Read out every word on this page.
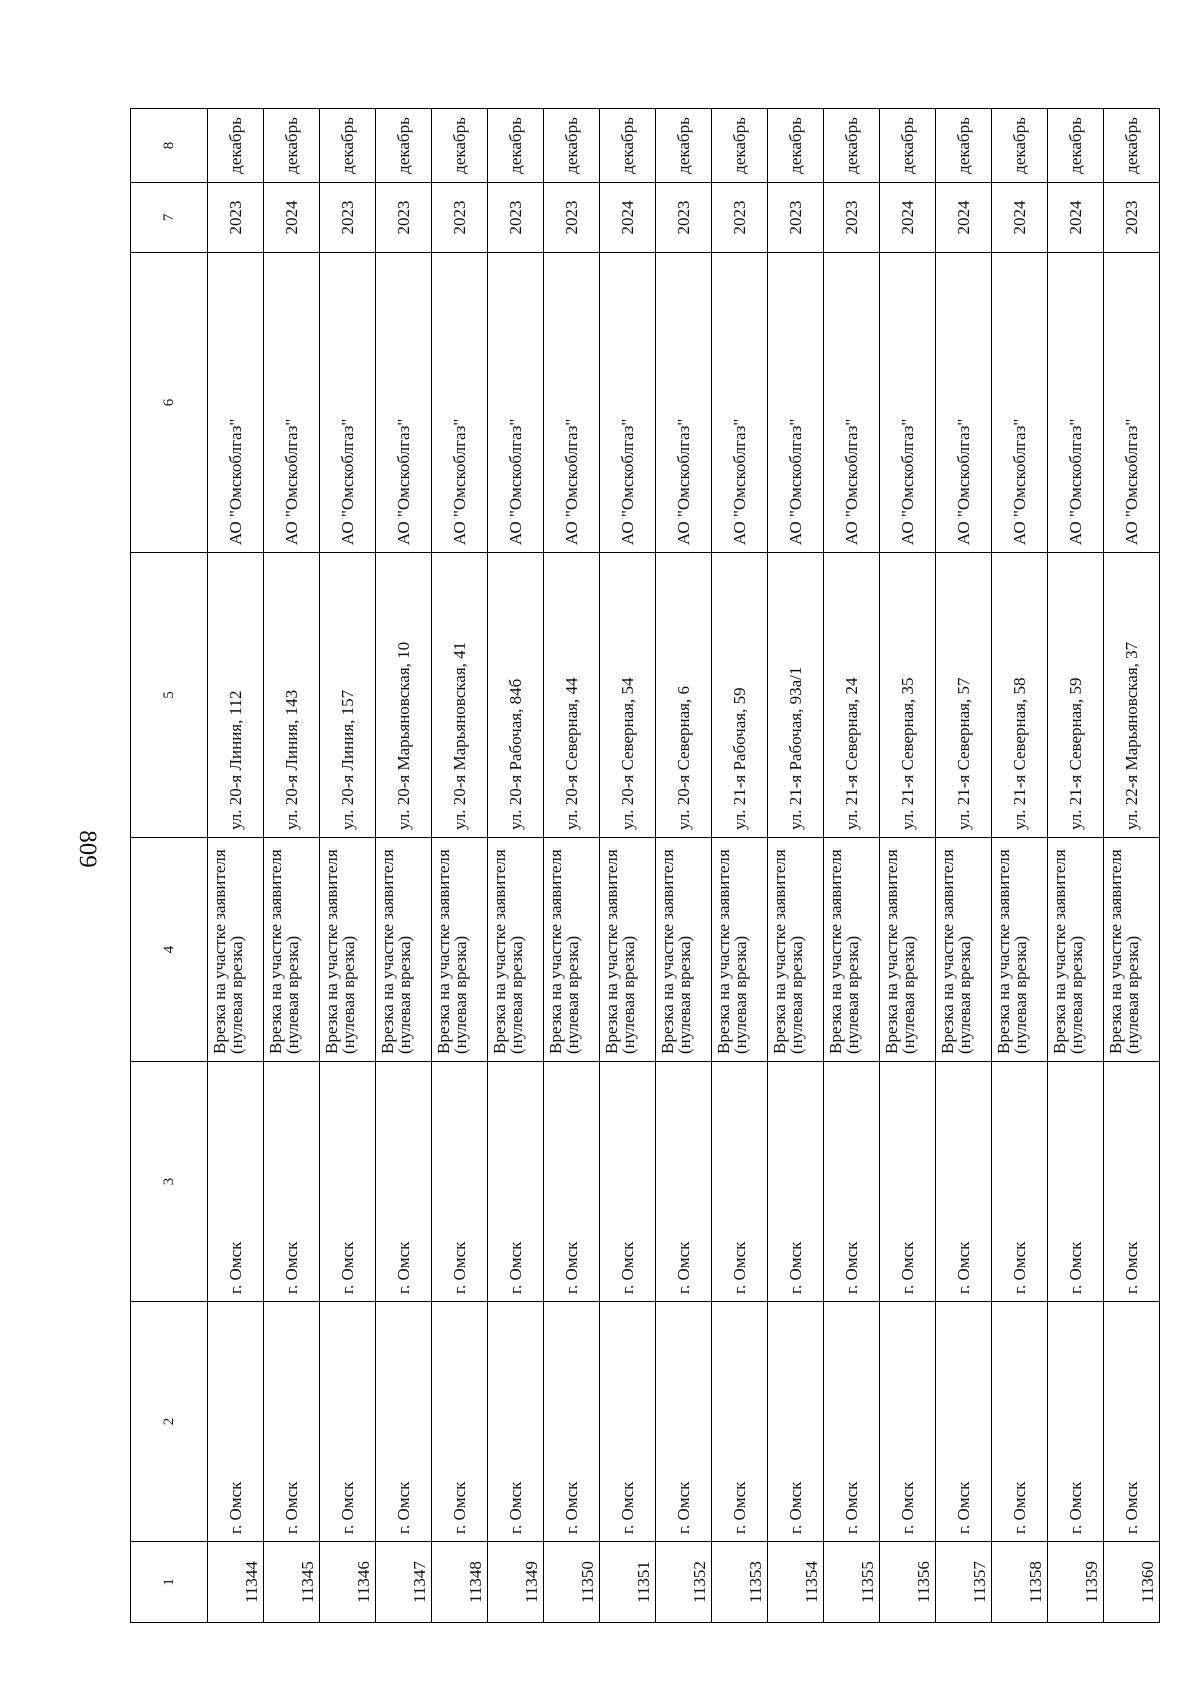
809
1	2	3	4	5	6	7	8
11344	г. Омск	г. Омск	Врезка на участке заявителя (нулевая врезка)	ул. 20-я Линия, 112	АО "Омскоблгаз"	2023	декабрь
11345	г. Омск	г. Омск	Врезка на участке заявителя (нулевая врезка)	ул. 20-я Линия, 143	АО "Омскоблгаз"	2024	декабрь
11346	г. Омск	г. Омск	Врезка на участке заявителя (нулевая врезка)	ул. 20-я Линия, 157	АО "Омскоблгаз"	2023	декабрь
11347	г. Омск	г. Омск	Врезка на участке заявителя (нулевая врезка)	ул. 20-я Марьяновская, 10	АО "Омскоблгаз"	2023	декабрь
11348	г. Омск	г. Омск	Врезка на участке заявителя (нулевая врезка)	ул. 20-я Марьяновская, 41	АО "Омскоблгаз"	2023	декабрь
11349	г. Омск	г. Омск	Врезка на участке заявителя (нулевая врезка)	ул. 20-я Рабочая, 84б	АО "Омскоблгаз"	2023	декабрь
11350	г. Омск	г. Омск	Врезка на участке заявителя (нулевая врезка)	ул. 20-я Северная, 44	АО "Омскоблгаз"	2023	декабрь
11351	г. Омск	г. Омск	Врезка на участке заявителя (нулевая врезка)	ул. 20-я Северная, 54	АО "Омскоблгаз"	2024	декабрь
11352	г. Омск	г. Омск	Врезка на участке заявителя (нулевая врезка)	ул. 20-я Северная, 6	АО "Омскоблгаз"	2023	декабрь
11353	г. Омск	г. Омск	Врезка на участке заявителя (нулевая врезка)	ул. 21-я Рабочая, 59	АО "Омскоблгаз"	2023	декабрь
11354	г. Омск	г. Омск	Врезка на участке заявителя (нулевая врезка)	ул. 21-я Рабочая, 93а/1	АО "Омскоблгаз"	2023	декабрь
11355	г. Омск	г. Омск	Врезка на участке заявителя (нулевая врезка)	ул. 21-я Северная, 24	АО "Омскоблгаз"	2023	декабрь
11356	г. Омск	г. Омск	Врезка на участке заявителя (нулевая врезка)	ул. 21-я Северная, 35	АО "Омскоблгаз"	2024	декабрь
11357	г. Омск	г. Омск	Врезка на участке заявителя (нулевая врезка)	ул. 21-я Северная, 57	АО "Омскоблгаз"	2024	декабрь
11358	г. Омск	г. Омск	Врезка на участке заявителя (нулевая врезка)	ул. 21-я Северная, 58	АО "Омскоблгаз"	2024	декабрь
11359	г. Омск	г. Омск	Врезка на участке заявителя (нулевая врезка)	ул. 21-я Северная, 59	АО "Омскоблгаз"	2024	декабрь
11360	г. Омск	г. Омск	Врезка на участке заявителя (нулевая врезка)	ул. 22-я Марьяновская, 37	АО "Омскоблгаз"	2023	декабрь
